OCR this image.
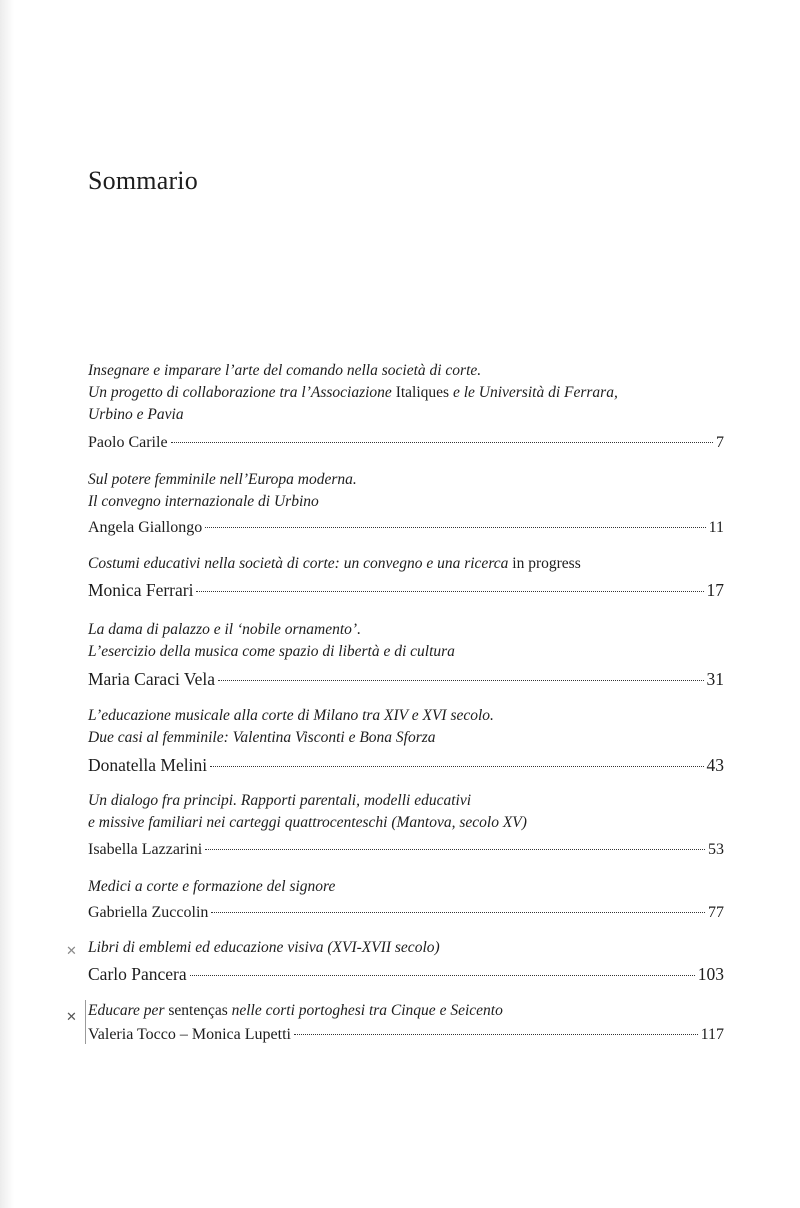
Sommario
Insegnare e imparare l’arte del comando nella società di corte.
Un progetto di collaborazione tra l’Associazione Italiques e le Università di Ferrara,
Urbino e Pavia
Paolo Carile	7
Sul potere femminile nell’Europa moderna.
Il convegno internazionale di Urbino
Angela Giallongo	11
Costumi educativi nella società di corte: un convegno e una ricerca in progress
Monica Ferrari	17
La dama di palazzo e il ‘nobile ornamento’.
L’esercizio della musica come spazio di libertà e di cultura
Maria Caraci Vela	31
L’educazione musicale alla corte di Milano tra XIV e XVI secolo.
Due casi al femminile: Valentina Visconti e Bona Sforza
Donatella Melini	43
Un dialogo fra principi. Rapporti parentali, modelli educativi
e missive familiari nei carteggi quattrocenteschi (Mantova, secolo XV)
Isabella Lazzarini	53
Medici a corte e formazione del signore
Gabriella Zuccolin	77
Libri di emblemi ed educazione visiva (XVI-XVII secolo)
Carlo Pancera	103
Educare per sentenças nelle corti portoghesi tra Cinque e Seicento
Valeria Tocco – Monica Lupetti	117
✕
✕
